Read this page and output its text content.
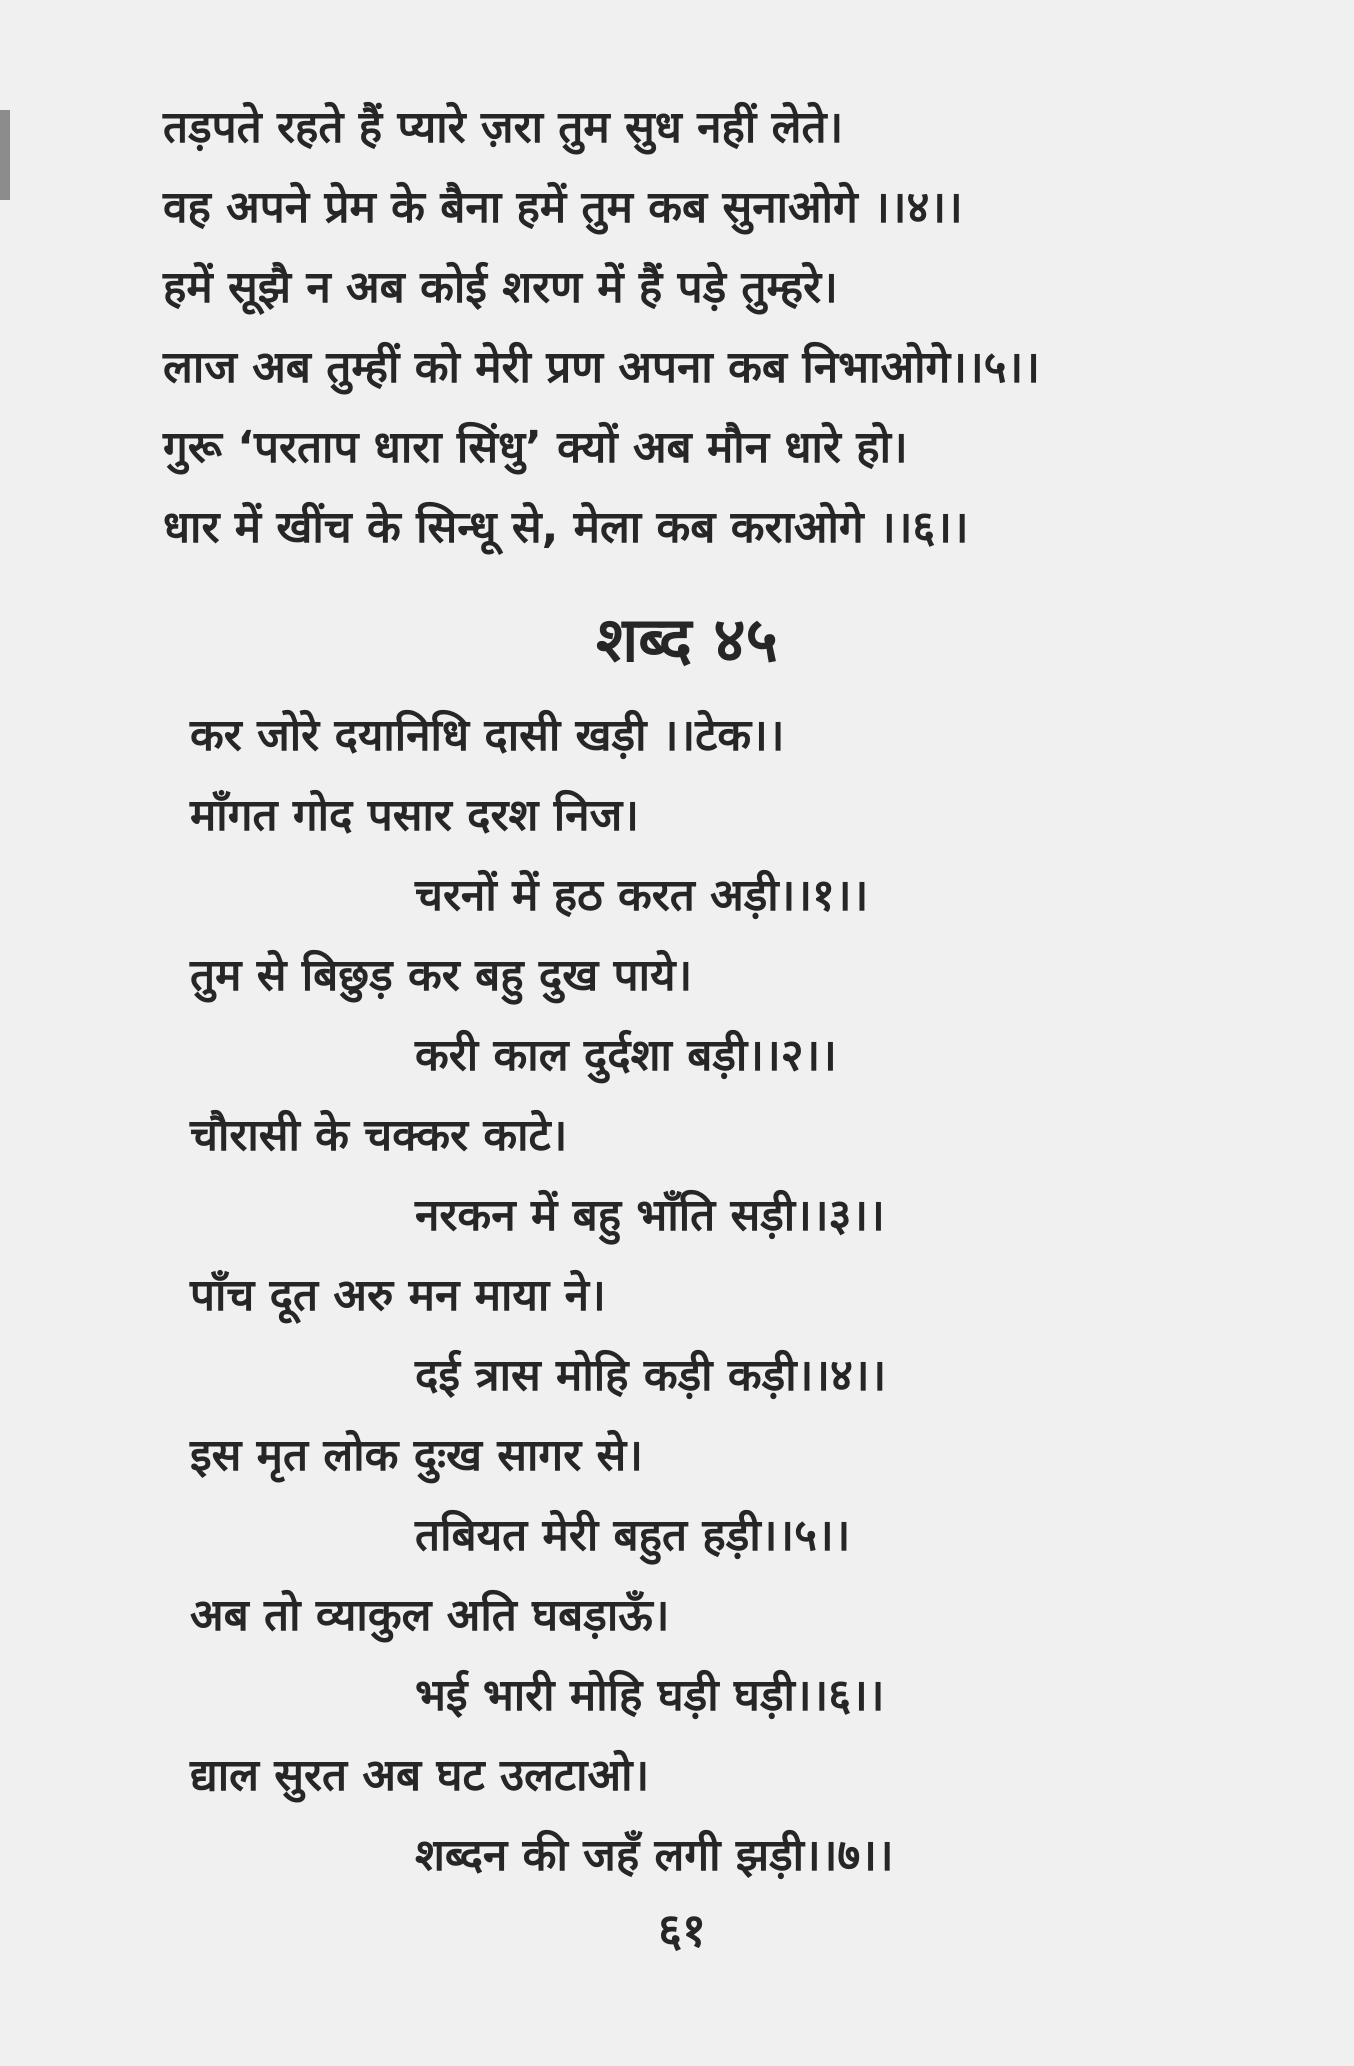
तड़पते रहते हैं प्यारे ज़रा तुम सुध नहीं लेते।
वह अपने प्रेम के बैना हमें तुम कब सुनाओगे ।।४।।
हमें सूझै न अब कोई शरण में हैं पड़े तुम्हरे।
लाज अब तुम्हीं को मेरी प्रण अपना कब निभाओगे।।५।।
गुरू ‘परताप धारा सिंधु’ क्यों अब मौन धारे हो।
धार में खींच के सिन्धू से, मेला कब कराओगे ।।६।।
शब्द ४५
कर जोरे दयानिधि दासी खड़ी ।।टेक।।
माँगत गोद पसार दरश निज।
चरनों में हठ करत अड़ी।।१।।
तुम से बिछुड़ कर बहु दुख पाये।
करी काल दुर्दशा बड़ी।।२।।
चौरासी के चक्कर काटे।
नरकन में बहु भाँति सड़ी।।३।।
पाँच दूत अरु मन माया ने।
दई त्रास मोहि कड़ी कड़ी।।४।।
इस मृत लोक दुःख सागर से।
तबियत मेरी बहुत हड़ी।।५।।
अब तो व्याकुल अति घबड़ाऊँ।
भई भारी मोहि घड़ी घड़ी।।६।।
द्याल सुरत अब घट उलटाओ।
शब्दन की जहँ लगी झड़ी।।७।।
६१
